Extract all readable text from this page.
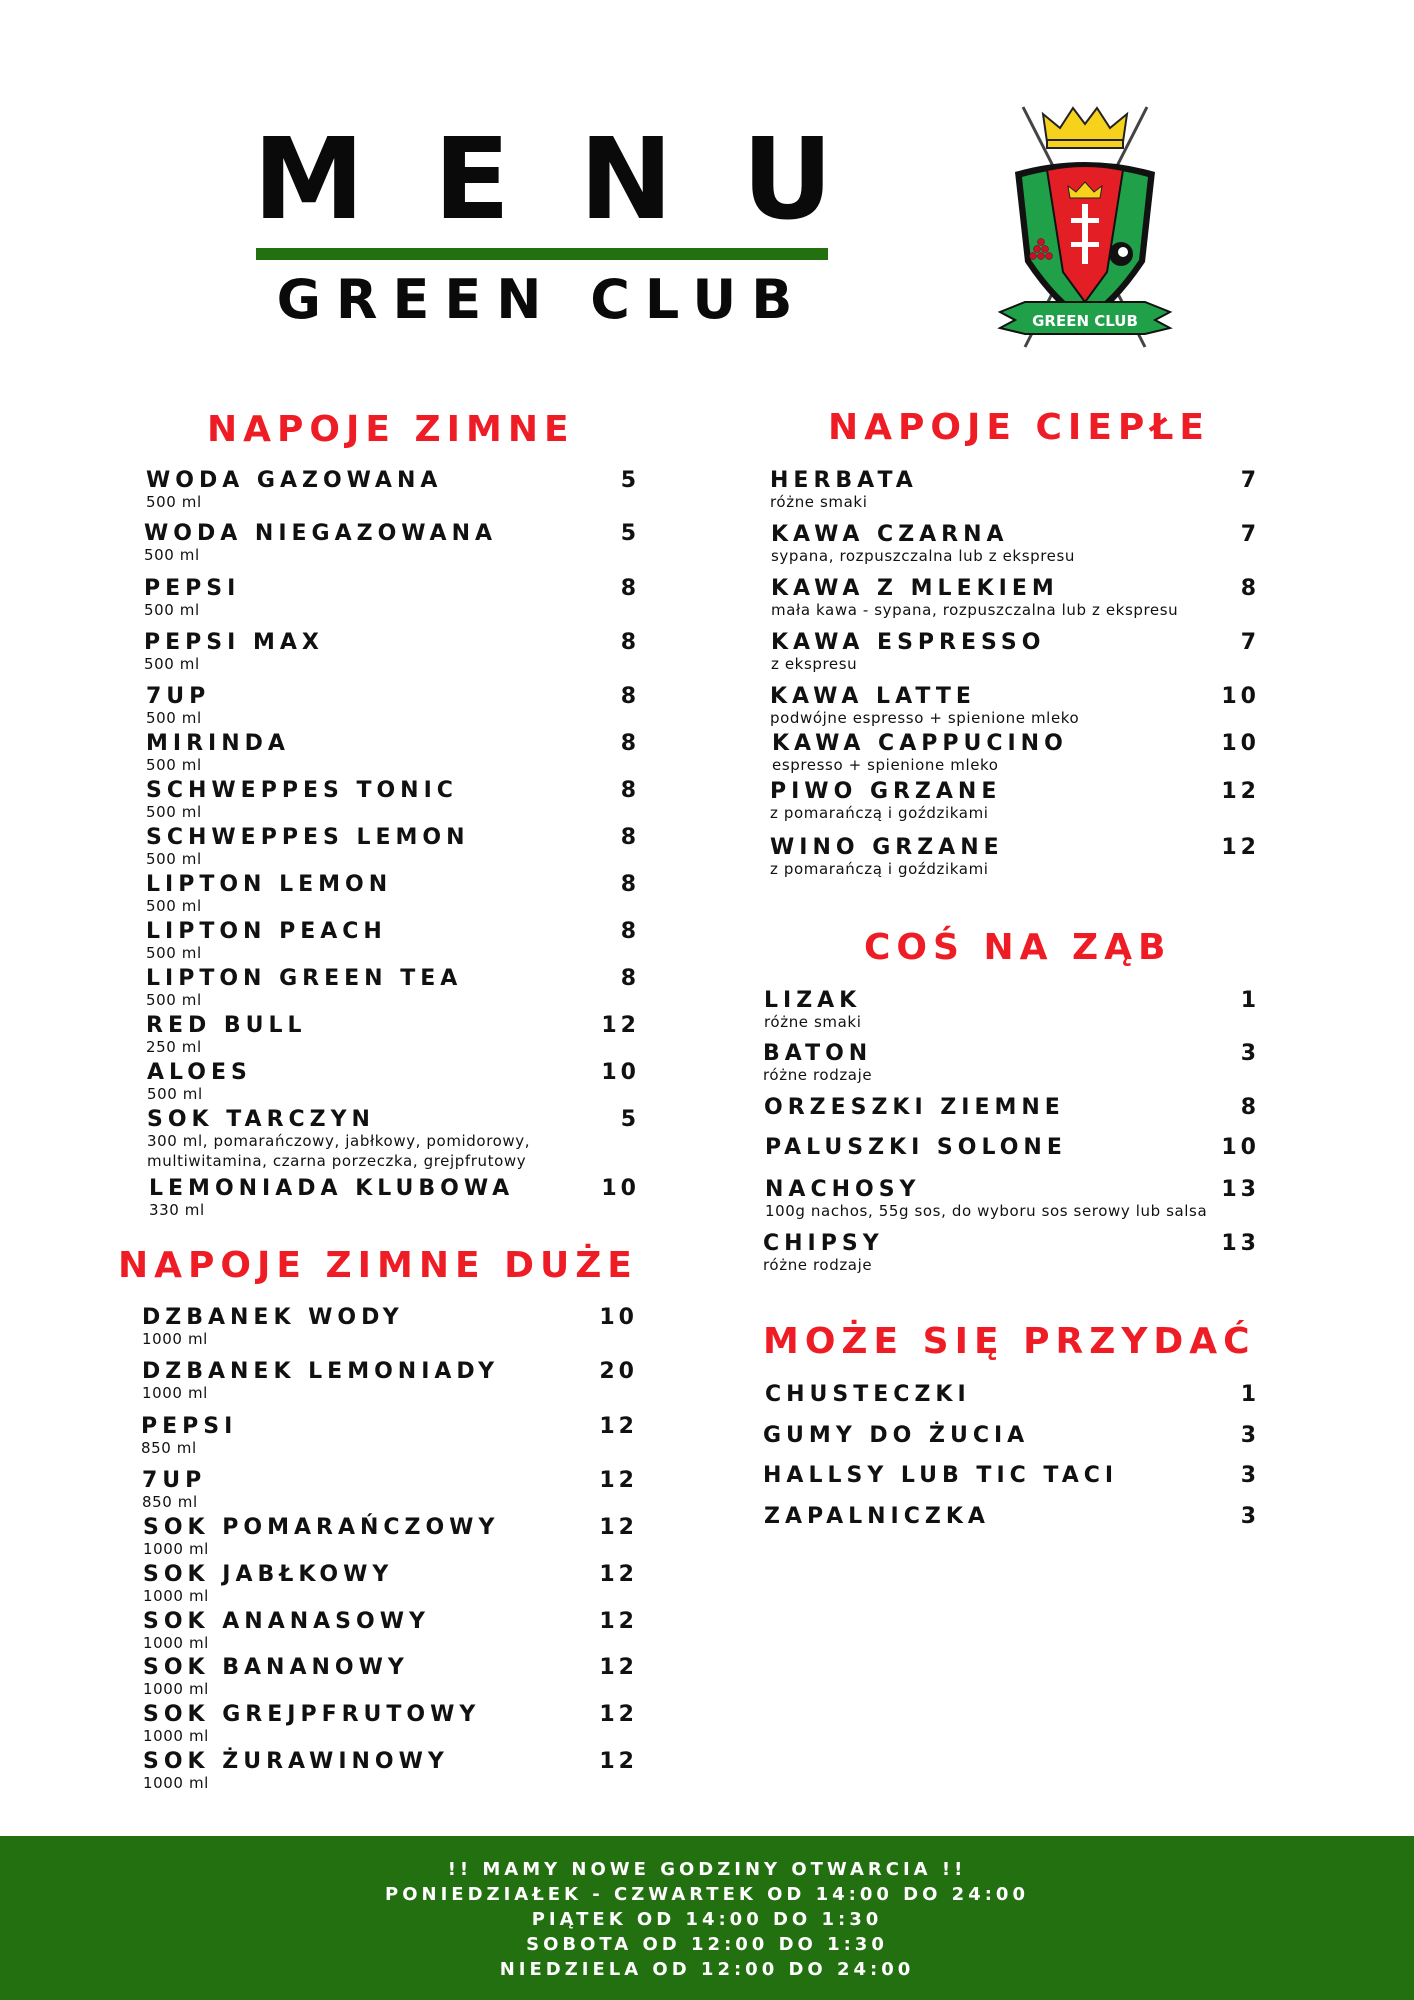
M E N U
GREEN CLUB	GREEN CLUB
NAPOJE ZIMNE
WODA GAZOWANA	5
500 ml
WODA NIEGAZOWANA	5
500 ml
PEPSI	8
500 ml
PEPSI MAX	8
500 ml
7UP	8
500 ml
MIRINDA	8
500 ml
SCHWEPPES TONIC	8
500 ml
SCHWEPPES LEMON	8
500 ml
LIPTON LEMON	8
500 ml
LIPTON PEACH	8
500 ml
LIPTON GREEN TEA	8
500 ml
RED BULL	12
250 ml
ALOES	10
500 ml
SOK TARCZYN	5
300 ml, pomarańczowy, jabłkowy, pomidorowy,
multiwitamina, czarna porzeczka, grejpfrutowy
LEMONIADA KLUBOWA	10
330 ml
NAPOJE ZIMNE DUŻE
DZBANEK WODY	10
1000 ml
DZBANEK LEMONIADY	20
1000 ml
PEPSI	12
850 ml
7UP	12
850 ml
SOK POMARAŃCZOWY	12
1000 ml
SOK JABŁKOWY	12
1000 ml
SOK ANANASOWY	12
1000 ml
SOK BANANOWY	12
1000 ml
SOK GREJPFRUTOWY	12
1000 ml
SOK ŻURAWINOWY	12
1000 ml
NAPOJE CIEPŁE
HERBATA	7
różne smaki
KAWA CZARNA	7
sypana, rozpuszczalna lub z ekspresu
KAWA Z MLEKIEM	8
mała kawa - sypana, rozpuszczalna lub z ekspresu
KAWA ESPRESSO	7
z ekspresu
KAWA LATTE	10
podwójne espresso + spienione mleko
KAWA CAPPUCINO	10
espresso + spienione mleko
PIWO GRZANE	12
z pomarańczą i goździkami
WINO GRZANE	12
z pomarańczą i goździkami
COŚ NA ZĄB
LIZAK	1
różne smaki
BATON	3
różne rodzaje
ORZESZKI ZIEMNE	8
PALUSZKI SOLONE	10
NACHOSY	13
100g nachos, 55g sos, do wyboru sos serowy lub salsa
CHIPSY	13
różne rodzaje
MOŻE SIĘ PRZYDAĆ
CHUSTECZKI	1
GUMY DO ŻUCIA	3
HALLSY LUB TIC TACI	3
ZAPALNICZKA	3
!! MAMY NOWE GODZINY OTWARCIA !!
PONIEDZIAŁEK - CZWARTEK OD 14:00 DO 24:00
PIĄTEK OD 14:00 DO 1:30
SOBOTA OD 12:00 DO 1:30
NIEDZIELA OD 12:00 DO 24:00
